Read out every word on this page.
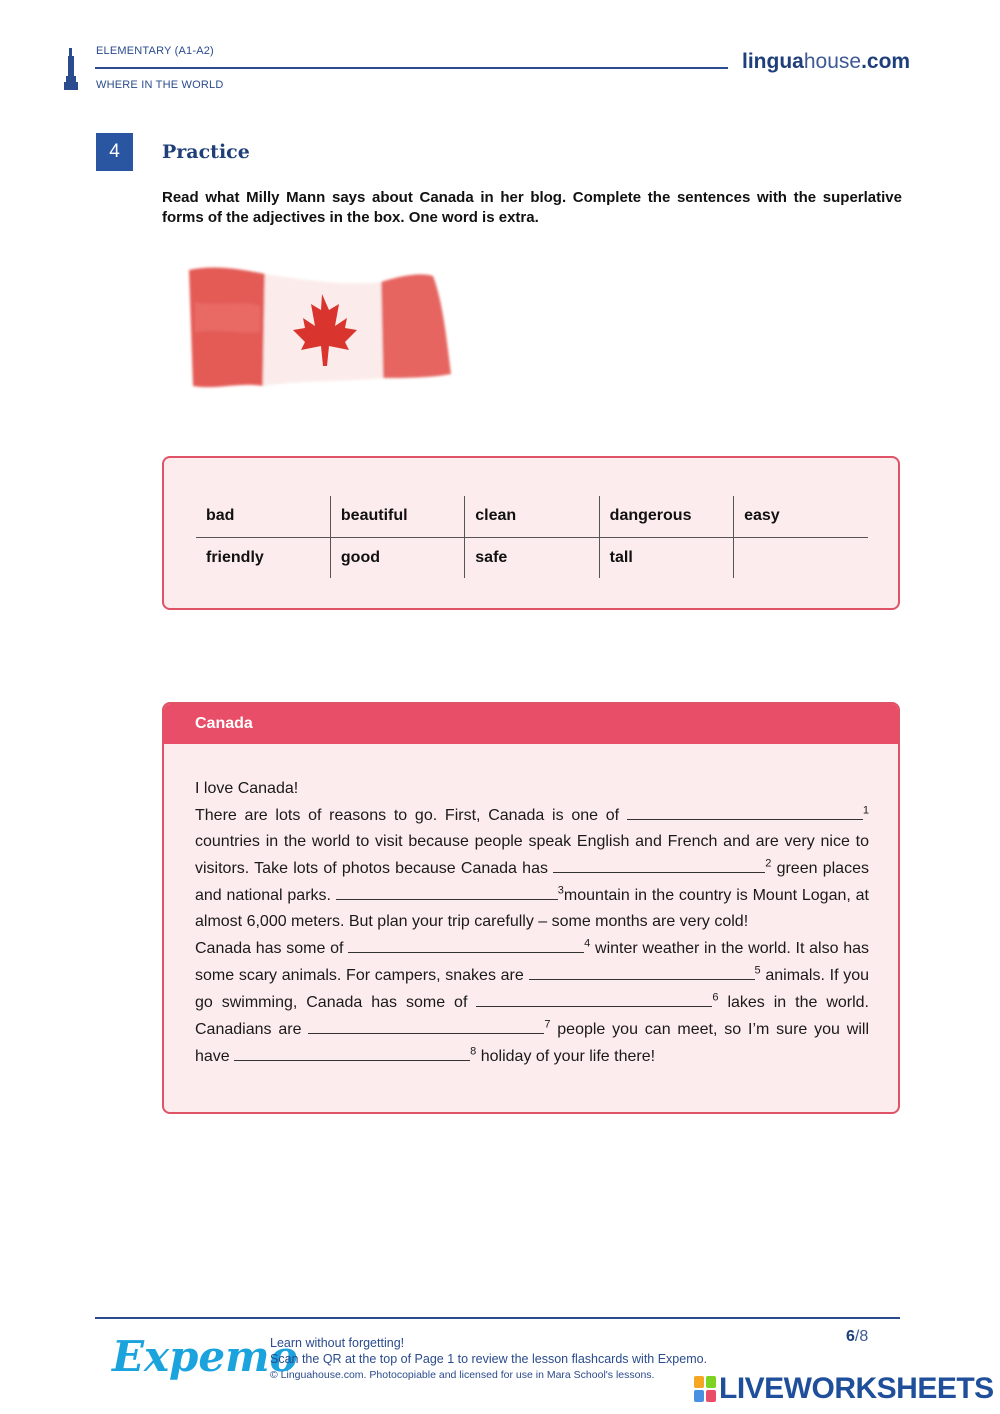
ELEMENTARY (A1-A2)
WHERE IN THE WORLD
linguahouse.com
4	Practice
Read what Milly Mann says about Canada in her blog. Complete the sentences with the superlative forms of the adjectives in the box. One word is extra.
bad	beautiful	clean	dangerous	easy
friendly	good	safe	tall	
Canada

I love Canada!

There are lots of reasons to go. First, Canada is one of	$^1$ countries in the world to visit because people speak English and French and are very nice to visitors. Take lots of photos because Canada has	$^2$ green places and national parks.	$^3$mountain in the country is Mount Logan, at almost 6,000 meters. But plan your trip carefully – some months are very cold!

Canada has some of	$^4$ winter weather in the world. It also has some scary animals. For campers, snakes are	$^5$ animals. If you go swimming, Canada has some of	$^6$ lakes in the world. Canadians are	$^7$ people you can meet, so I’m sure you will have	$^8$ holiday of your life there!

Expemo
Learn without forgetting!
Scan the QR at the top of Page 1 to review the lesson flashcards with Expemo.
© Linguahouse.com. Photocopiable and licensed for use in Mara School's lessons.
6/8
LIVEWORKSHEETS
